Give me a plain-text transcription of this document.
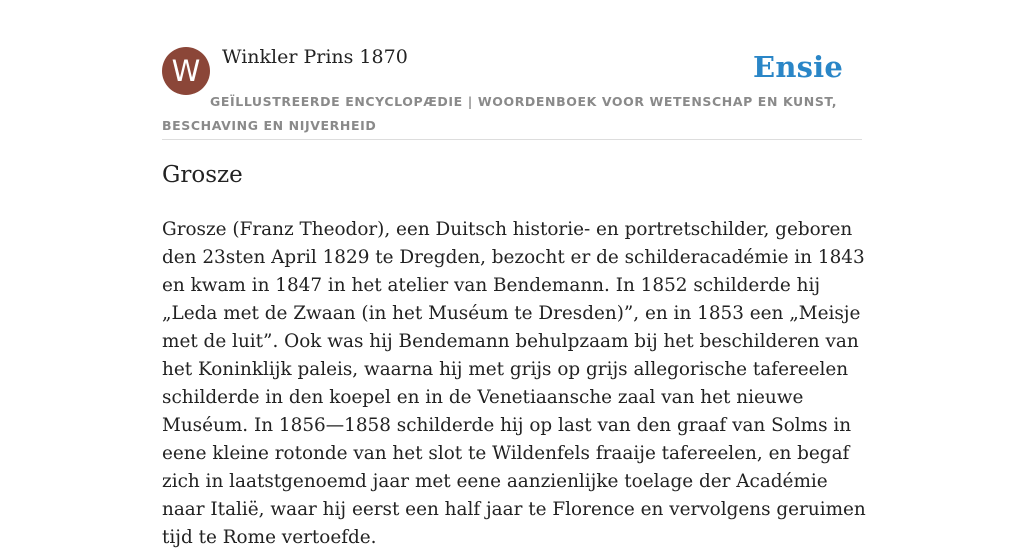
W	Winkler Prins 1870	Ensie
GEÏLLUSTREERDE ENCYCLOPÆDIE | WOORDENBOEK VOOR WETENSCHAP EN KUNST, BESCHAVING EN NIJVERHEID
Grosze

Grosze (Franz Theodor), een Duitsch historie- en portretschilder, geboren den 23sten April 1829 te Dregden, bezocht er de schilderacadémie in 1843 en kwam in 1847 in het atelier van Bendemann. In 1852 schilderde hij „Leda met de Zwaan (in het Muséum te Dresden)”, en in 1853 een „Meisje met de luit”. Ook was hij Bendemann behulpzaam bij het beschilderen van het Koninklijk paleis, waarna hij met grijs op grijs allegorische tafereelen schilderde in den koepel en in de Venetiaansche zaal van het nieuwe Muséum. In 1856—1858 schilderde hij op last van den graaf van Solms in eene kleine rotonde van het slot te Wildenfels fraaije tafereelen, en begaf zich in laatstgenoemd jaar met eene aanzienlijke toelage der Académie naar Italië, waar hij eerst een half jaar te Florence en vervolgens geruimen tijd te Rome vertoefde.
